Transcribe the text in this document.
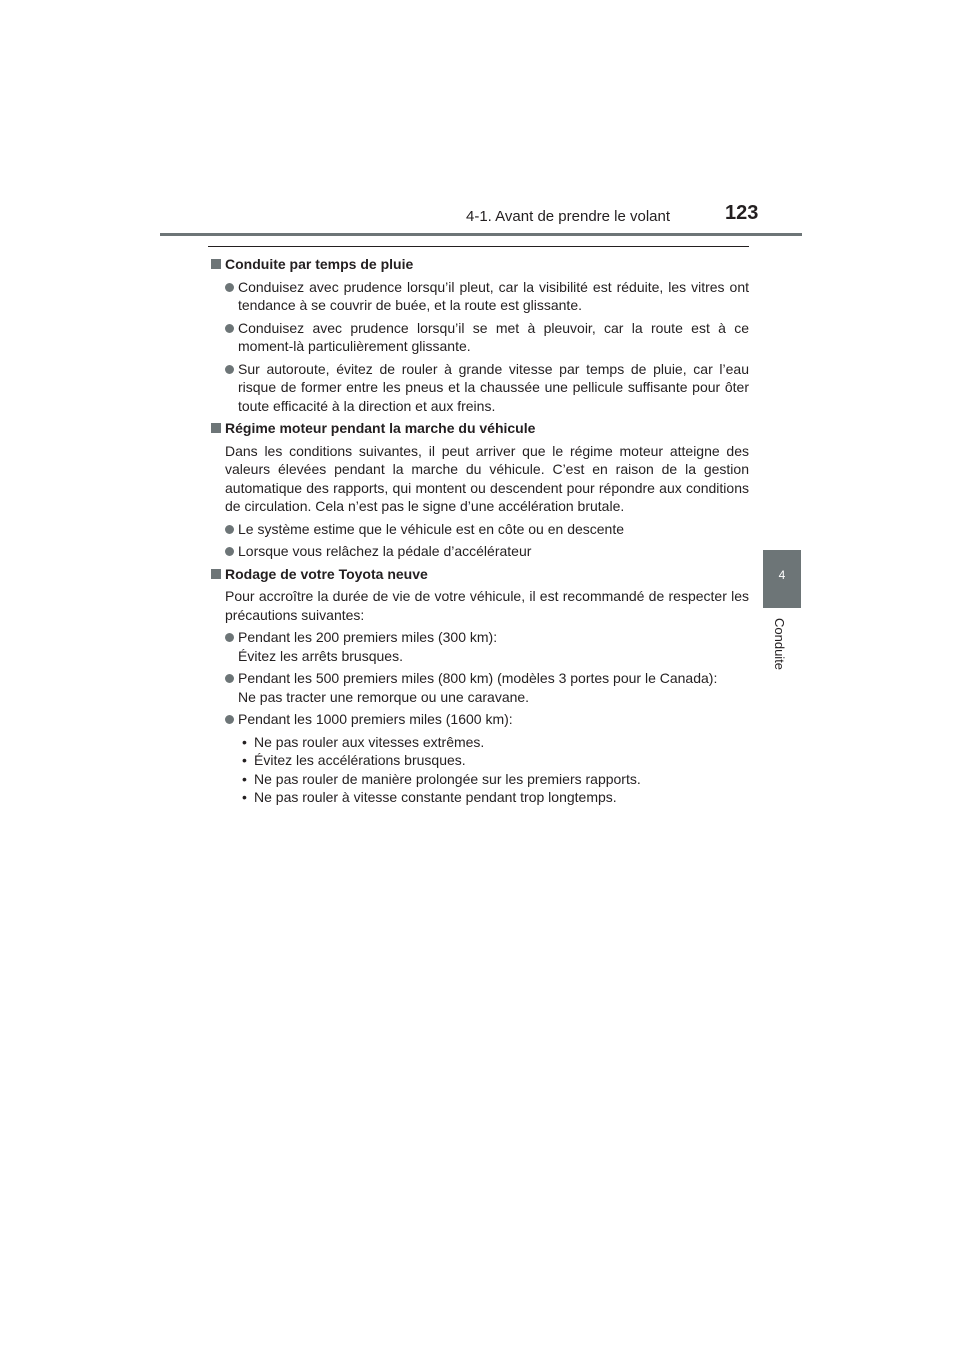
4-1. Avant de prendre le volant	123
4
Conduite
Conduite par temps de pluie
Conduisez avec prudence lorsqu’il pleut, car la visibilité est réduite, les vitres ont tendance à se couvrir de buée, et la route est glissante.
Conduisez avec prudence lorsqu’il se met à pleuvoir, car la route est à ce moment-là particulièrement glissante.
Sur autoroute, évitez de rouler à grande vitesse par temps de pluie, car l’eau risque de former entre les pneus et la chaussée une pellicule suffisante pour ôter toute efficacité à la direction et aux freins.
Régime moteur pendant la marche du véhicule

Dans les conditions suivantes, il peut arriver que le régime moteur atteigne des valeurs élevées pendant la marche du véhicule. C’est en raison de la gestion automatique des rapports, qui montent ou descendent pour répondre aux conditions de circulation. Cela n’est pas le signe d’une accélération brutale.

Le système estime que le véhicule est en côte ou en descente
Lorsque vous relâchez la pédale d’accélérateur
Rodage de votre Toyota neuve

Pour accroître la durée de vie de votre véhicule, il est recommandé de respecter les précautions suivantes:

Pendant les 200 premiers miles (300 km):
Évitez les arrêts brusques.
Pendant les 500 premiers miles (800 km) (modèles 3 portes pour le Canada):
Ne pas tracter une remorque ou une caravane.
Pendant les 1000 premiers miles (1600 km):
• Ne pas rouler aux vitesses extrêmes.
• Évitez les accélérations brusques.
• Ne pas rouler de manière prolongée sur les premiers rapports.
• Ne pas rouler à vitesse constante pendant trop longtemps.
